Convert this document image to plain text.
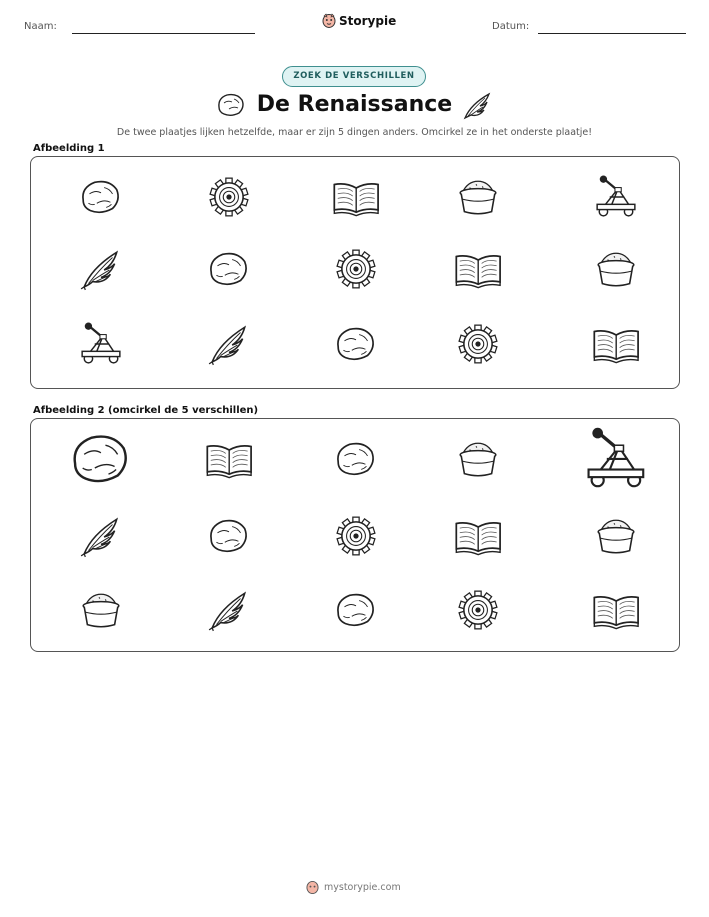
Naam:	Storypie	Datum:
ZOEK DE VERSCHILLEN
De Renaissance
De twee plaatjes lijken hetzelfde, maar er zijn 5 dingen anders. Omcirkel ze in het onderste plaatje!
Afbeelding 1
Afbeelding 2 (omcirkel de 5 verschillen)
mystorypie.com
